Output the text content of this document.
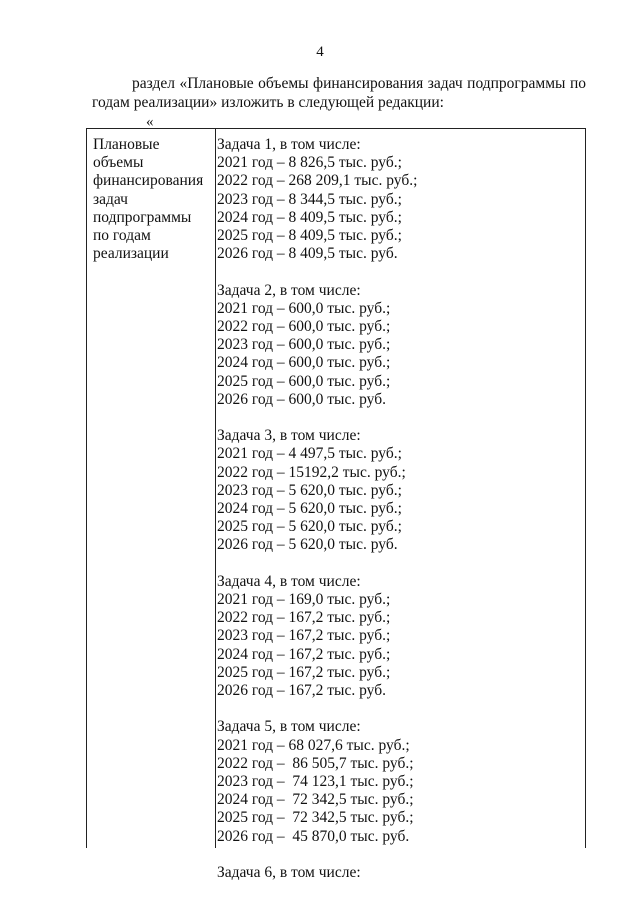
4
раздел «Плановые объемы финансирования задач подпрограммы по
годам реализации» изложить в следующей редакции:
«
Плановые объемы
финансирования
задач
подпрограммы
по годам
реализации
Задача 1, в том числе:
2021 год – 8 826,5 тыс. руб.;
2022 год – 268 209,1 тыс. руб.;
2023 год – 8 344,5 тыс. руб.;
2024 год – 8 409,5 тыс. руб.;
2025 год – 8 409,5 тыс. руб.;
2026 год – 8 409,5 тыс. руб.
Задача 2, в том числе:
2021 год – 600,0 тыс. руб.;
2022 год – 600,0 тыс. руб.;
2023 год – 600,0 тыс. руб.;
2024 год – 600,0 тыс. руб.;
2025 год – 600,0 тыс. руб.;
2026 год – 600,0 тыс. руб.
Задача 3, в том числе:
2021 год – 4 497,5 тыс. руб.;
2022 год – 15192,2 тыс. руб.;
2023 год – 5 620,0 тыс. руб.;
2024 год – 5 620,0 тыс. руб.;
2025 год – 5 620,0 тыс. руб.;
2026 год – 5 620,0 тыс. руб.
Задача 4, в том числе:
2021 год – 169,0 тыс. руб.;
2022 год – 167,2 тыс. руб.;
2023 год – 167,2 тыс. руб.;
2024 год – 167,2 тыс. руб.;
2025 год – 167,2 тыс. руб.;
2026 год – 167,2 тыс. руб.
Задача 5, в том числе:
2021 год – 68 027,6 тыс. руб.;
2022 год –  86 505,7 тыс. руб.;
2023 год –  74 123,1 тыс. руб.;
2024 год –  72 342,5 тыс. руб.;
2025 год –  72 342,5 тыс. руб.;
2026 год –  45 870,0 тыс. руб.
Задача 6, в том числе:
